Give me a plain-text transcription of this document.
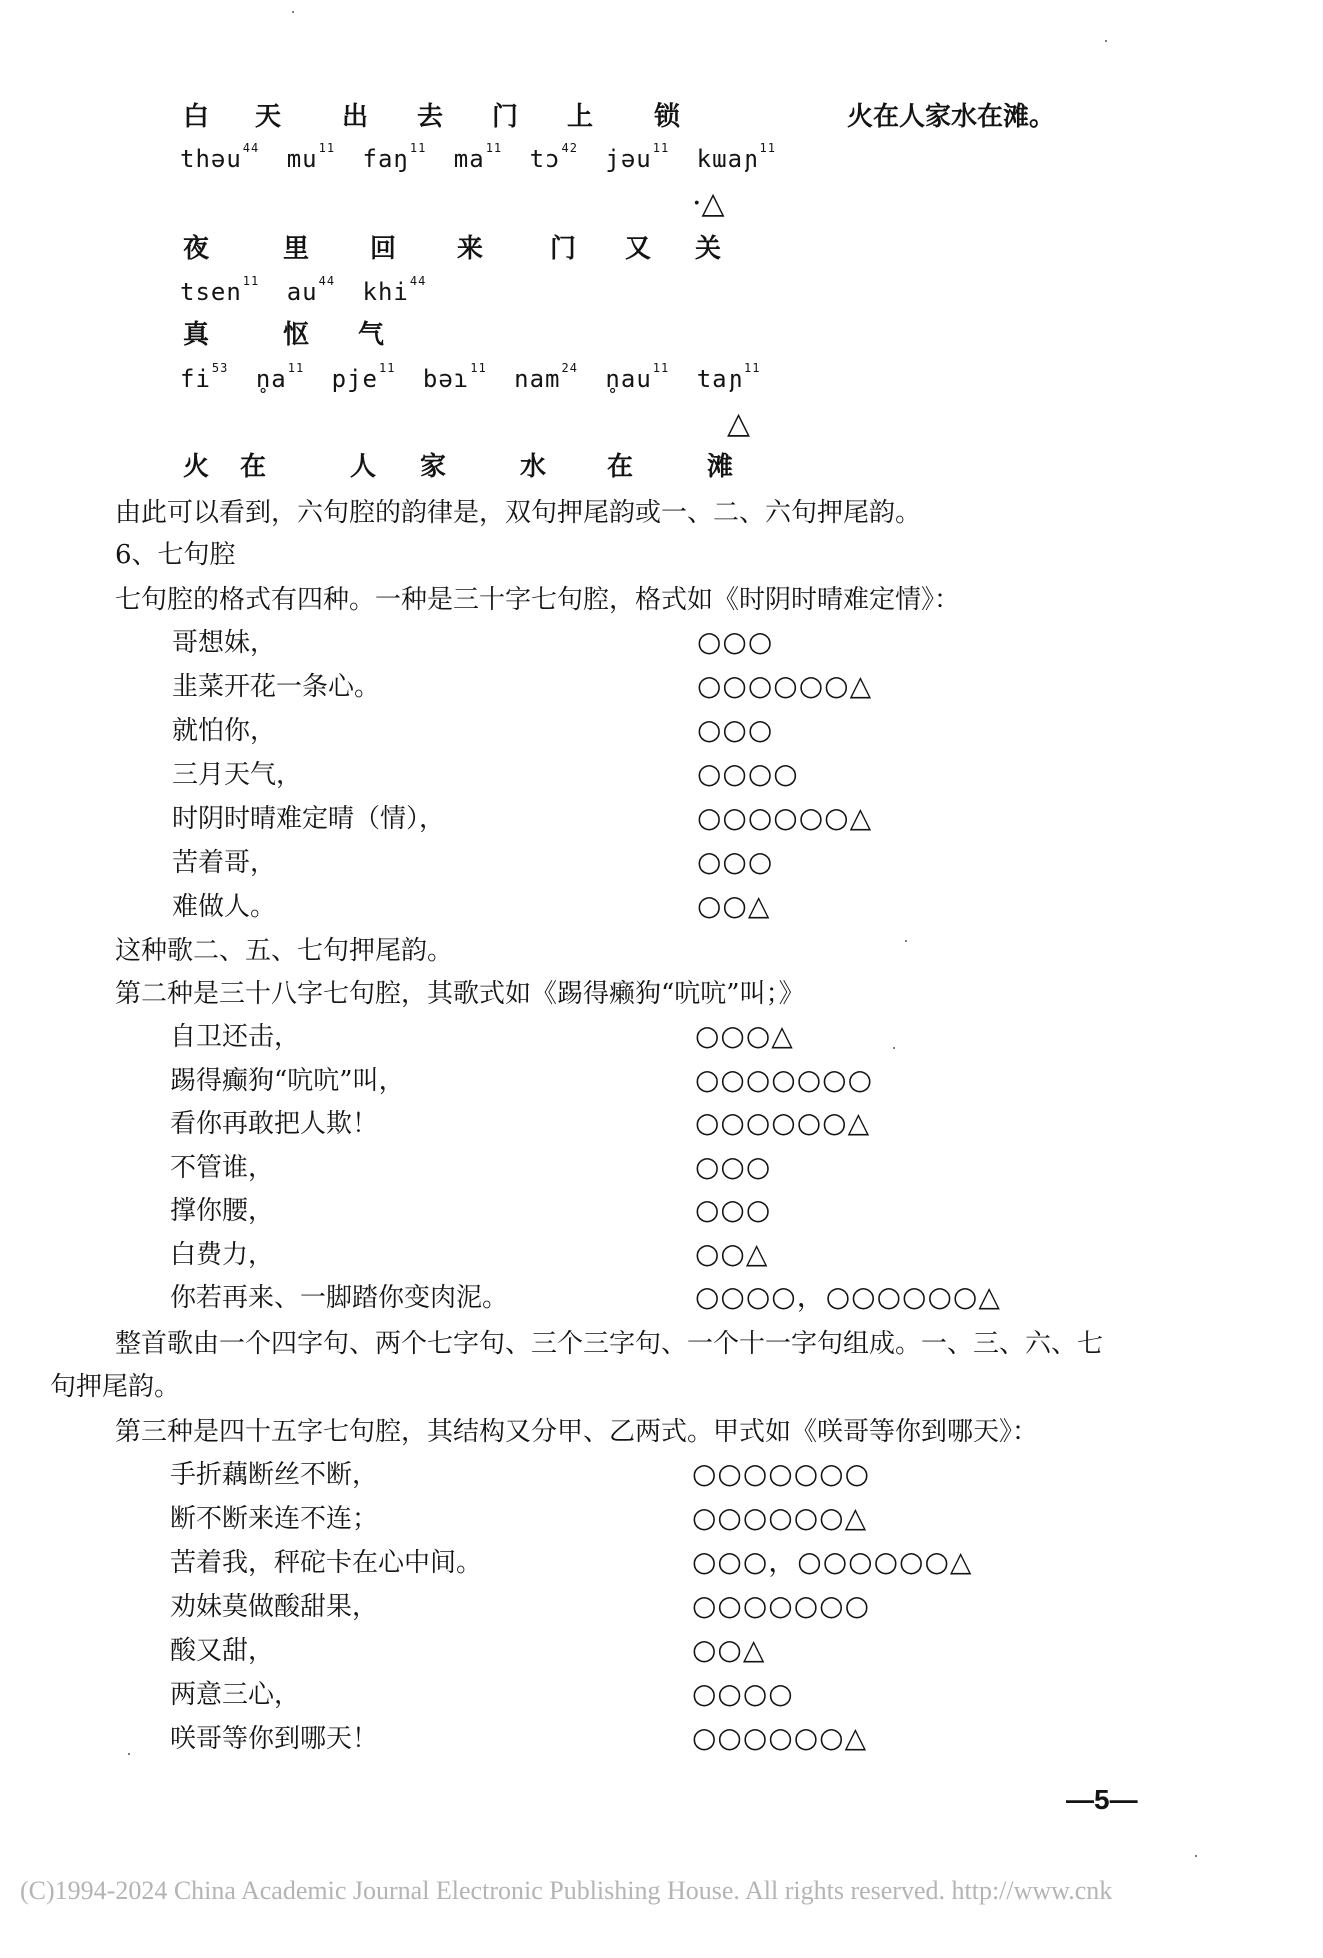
白 天 出 去 门 上 锁	火在人家水在滩。
thəu$^{44}$ $mu^{11}$ faŋ$^{11}$ $ma^{11}$ tɔ$^{42}$ jəu$^{11}$ kɯaɲ$^{11}$
·△
夜	里 回 来	门 又 关
tsen$^{11}$ $au^{44}$ khi$^{44}$
真	怄 气
$fi^{53}$ $n̥a^{11}$ pje$^{11}$ bəɿ$^{11}$ nam$^{24}$ $n̥au^{11}$ taɲ$^{11}$
△
火 在	人 家	水 在	滩
由此可以看到，六句腔的韵律是，双句押尾韵或一、二、六句押尾韵。
6、七句腔
七句腔的格式有四种。一种是三十字七句腔，格式如《时阴时晴难定情》：
哥想妹，	○○○
韭菜开花一条心。	○○○○○○△
就怕你，	○○○
三月天气，	○○○○
时阴时晴难定晴（情），	○○○○○○△
苦着哥，	○○○
难做人。	○○△
这种歌二、五、七句押尾韵。
第二种是三十八字七句腔，其歌式如《踢得癞狗“吭吭”叫；》
自卫还击，	○○○△
踢得癫狗“吭吭”叫，	○○○○○○○
看你再敢把人欺！	○○○○○○△
不管谁，	○○○
撑你腰，	○○○
白费力，	○○△
你若再来、一脚踏你变肉泥。	○○○○，○○○○○○△
整首歌由一个四字句、两个七字句、三个三字句、一个十一字句组成。一、三、六、七
句押尾韵。
第三种是四十五字七句腔，其结构又分甲、乙两式。甲式如《咲哥等你到哪天》：
手折藕断丝不断，	○○○○○○○
断不断来连不连；	○○○○○○△
苦着我，秤砣卡在心中间。	○○○，○○○○○○△
劝妹莫做酸甜果，	○○○○○○○
酸又甜，	○○△
两意三心，	○○○○
咲哥等你到哪天！	○○○○○○△
—5—
(C)1994-2024 China Academic Journal Electronic Publishing House. All rights reserved. http://www.cnk
